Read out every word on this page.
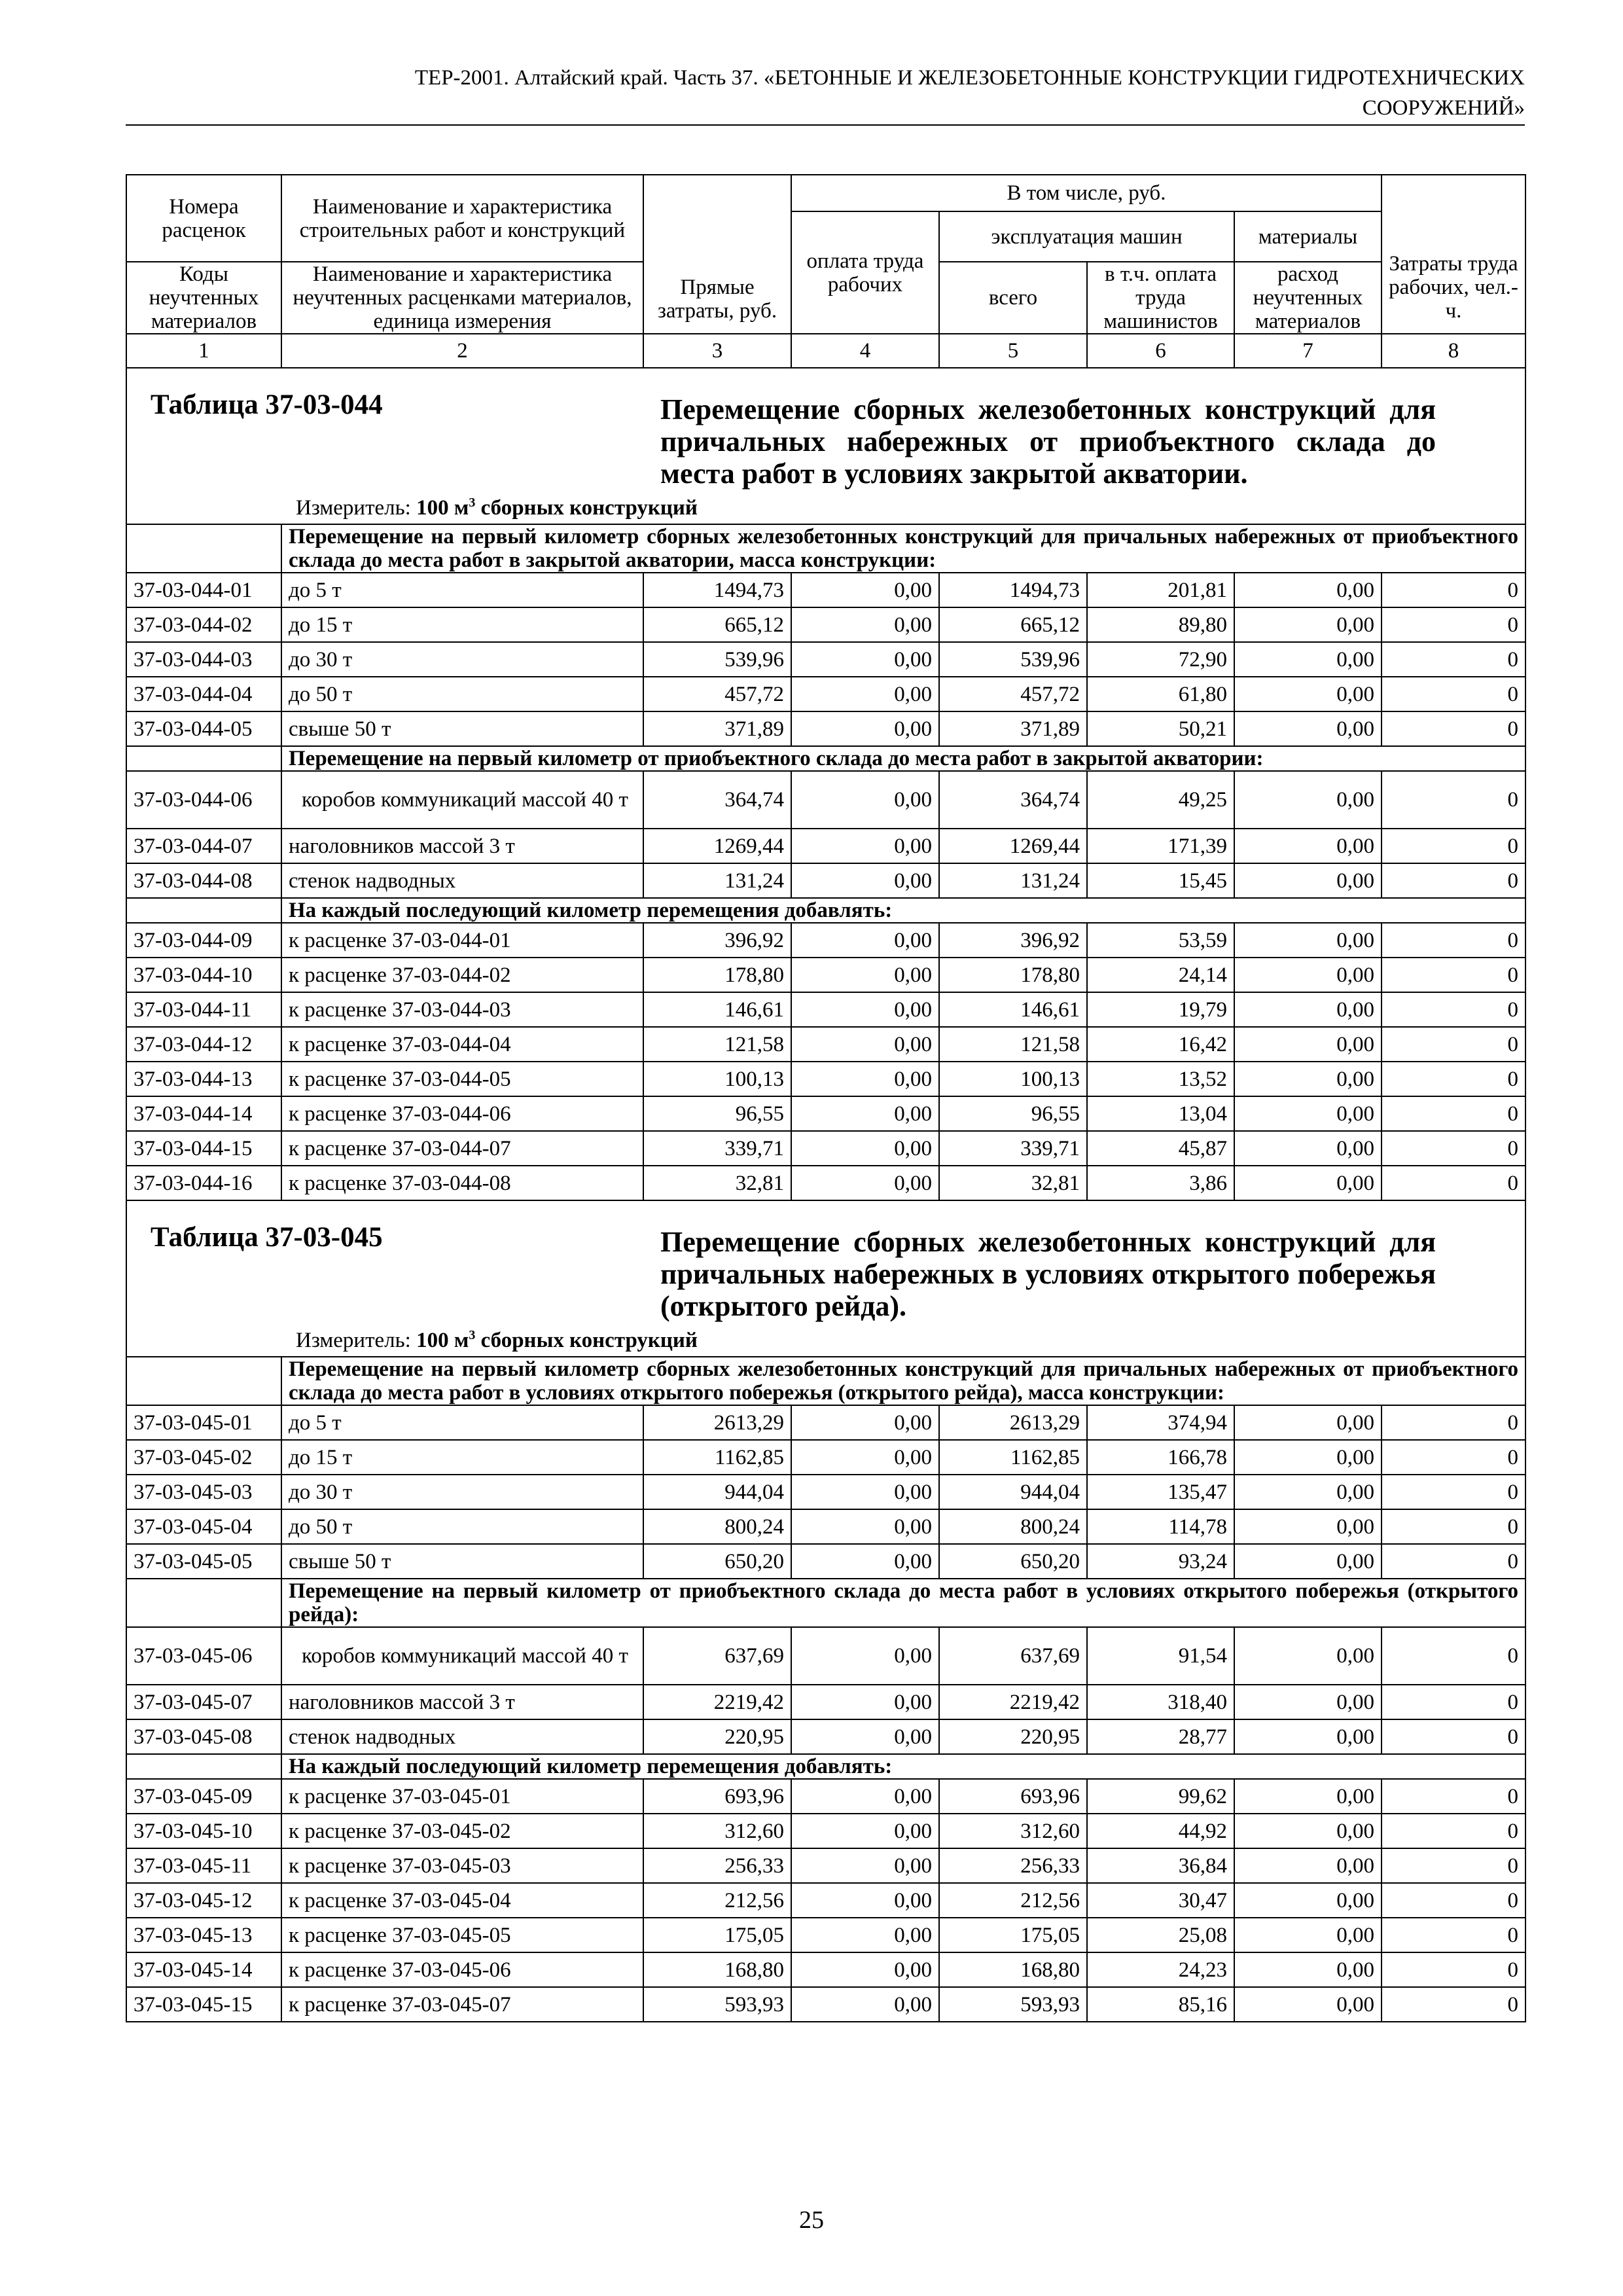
ТЕР-2001. Алтайский край. Часть 37. «БЕТОННЫЕ И ЖЕЛЕЗОБЕТОННЫЕ КОНСТРУКЦИИ ГИДРОТЕХНИЧЕСКИХ
СООРУЖЕНИЙ»
Номера расценок	Наименование и характеристика строительных работ и конструкций	Прямые затраты, руб.	В том числе, руб.				Затраты труда рабочих, чел.-ч.
			оплата труда рабочих	эксплуатация машин		материалы	
Коды неучтенных материалов	Наименование и характеристика неучтенных расценками материалов, единица измерения			всего	в т.ч. оплата труда машинистов	расход неучтенных материалов	
1	2	3	4	5	6	7	8

Таблица 37-03-044 Перемещение сборных железобетонных конструкций для причальных набережных от приобъектного склада до места работ в условиях закрытой акватории.
Измеритель: 100 $м^3$ сборных конструкций							

	Перемещение на первый километр сборных железобетонных конструкций для причальных набережных от приобъектного склада до места работ в закрытой акватории, масса конструкции:						
37-03-044-01	до 5 т	1494,73	0,00	1494,73	201,81	0,00	0
37-03-044-02	до 15 т	665,12	0,00	665,12	89,80	0,00	0
37-03-044-03	до 30 т	539,96	0,00	539,96	72,90	0,00	0
37-03-044-04	до 50 т	457,72	0,00	457,72	61,80	0,00	0
37-03-044-05	свыше 50 т	371,89	0,00	371,89	50,21	0,00	0
	Перемещение на первый километр от приобъектного склада до места работ в закрытой акватории:						
37-03-044-06	коробов коммуникаций массой 40 т	364,74	0,00	364,74	49,25	0,00	0
37-03-044-07	наголовников массой 3 т	1269,44	0,00	1269,44	171,39	0,00	0
37-03-044-08	стенок надводных	131,24	0,00	131,24	15,45	0,00	0
	На каждый последующий километр перемещения добавлять:						
37-03-044-09	к расценке 37-03-044-01	396,92	0,00	396,92	53,59	0,00	0
37-03-044-10	к расценке 37-03-044-02	178,80	0,00	178,80	24,14	0,00	0
37-03-044-11	к расценке 37-03-044-03	146,61	0,00	146,61	19,79	0,00	0
37-03-044-12	к расценке 37-03-044-04	121,58	0,00	121,58	16,42	0,00	0
37-03-044-13	к расценке 37-03-044-05	100,13	0,00	100,13	13,52	0,00	0
37-03-044-14	к расценке 37-03-044-06	96,55	0,00	96,55	13,04	0,00	0
37-03-044-15	к расценке 37-03-044-07	339,71	0,00	339,71	45,87	0,00	0
37-03-044-16	к расценке 37-03-044-08	32,81	0,00	32,81	3,86	0,00	0

Таблица 37-03-045 Перемещение сборных железобетонных конструкций для причальных набережных в условиях открытого побережья (открытого рейда).
Измеритель: 100 $м^3$ сборных конструкций							

	Перемещение на первый километр сборных железобетонных конструкций для причальных набережных от приобъектного склада до места работ в условиях открытого побережья (открытого рейда), масса конструкции:						
37-03-045-01	до 5 т	2613,29	0,00	2613,29	374,94	0,00	0
37-03-045-02	до 15 т	1162,85	0,00	1162,85	166,78	0,00	0
37-03-045-03	до 30 т	944,04	0,00	944,04	135,47	0,00	0
37-03-045-04	до 50 т	800,24	0,00	800,24	114,78	0,00	0
37-03-045-05	свыше 50 т	650,20	0,00	650,20	93,24	0,00	0
	Перемещение на первый километр от приобъектного склада до места работ в условиях открытого побережья (открытого рейда):						
37-03-045-06	коробов коммуникаций массой 40 т	637,69	0,00	637,69	91,54	0,00	0
37-03-045-07	наголовников массой 3 т	2219,42	0,00	2219,42	318,40	0,00	0
37-03-045-08	стенок надводных	220,95	0,00	220,95	28,77	0,00	0
	На каждый последующий километр перемещения добавлять:						
37-03-045-09	к расценке 37-03-045-01	693,96	0,00	693,96	99,62	0,00	0
37-03-045-10	к расценке 37-03-045-02	312,60	0,00	312,60	44,92	0,00	0
37-03-045-11	к расценке 37-03-045-03	256,33	0,00	256,33	36,84	0,00	0
37-03-045-12	к расценке 37-03-045-04	212,56	0,00	212,56	30,47	0,00	0
37-03-045-13	к расценке 37-03-045-05	175,05	0,00	175,05	25,08	0,00	0
37-03-045-14	к расценке 37-03-045-06	168,80	0,00	168,80	24,23	0,00	0
37-03-045-15	к расценке 37-03-045-07	593,93	0,00	593,93	85,16	0,00	0
25
